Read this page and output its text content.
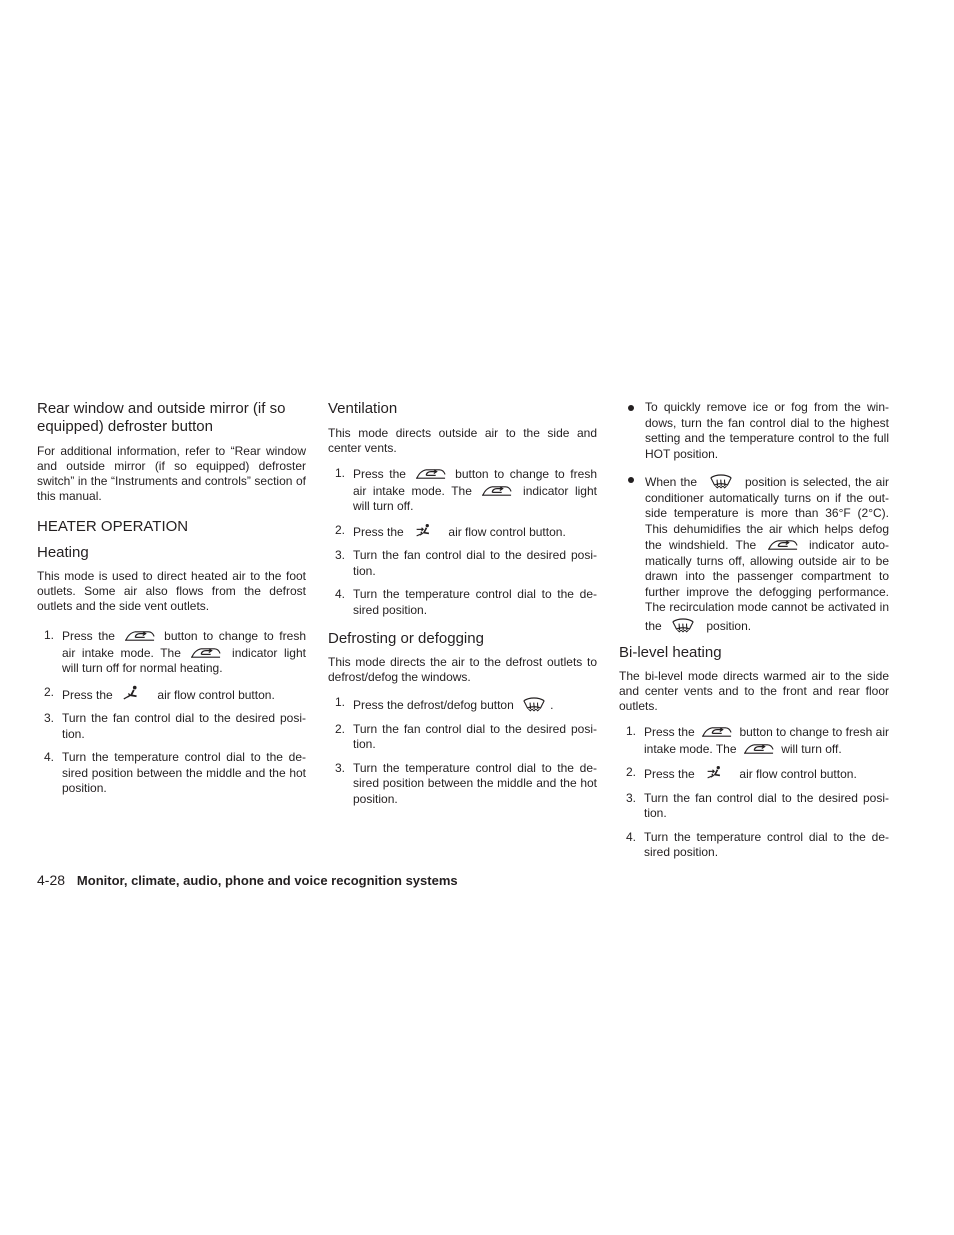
Rear window and outside mirror (if so equipped) defroster button

For additional information, refer to “Rear window and outside mirror (if so equipped) defroster switch” in the “Instruments and controls” section of this manual.

HEATER OPERATION
Heating

This mode is used to direct heated air to the foot outlets. Some air also flows from the defrost outlets and the side vent outlets.

1. Press the	button to change to fresh air intake mode. The	indicator light will turn off for normal heating.
2. Press the	air flow control button.
3. Turn the fan control dial to the desired posi-tion.
4. Turn the temperature control dial to the de-sired position between the middle and the hot position.
Ventilation

This mode directs outside air to the side and center vents.

1. Press the	button to change to fresh air intake mode. The	indicator light will turn off.
2. Press the	air flow control button.
3. Turn the fan control dial to the desired posi-tion.
4. Turn the temperature control dial to the de-sired position.
Defrosting or defogging

This mode directs the air to the defrost outlets to defrost/defog the windows.

1. Press the defrost/defog button	.
2. Turn the fan control dial to the desired posi-tion.
3. Turn the temperature control dial to the de-sired position between the middle and the hot position.
To quickly remove ice or fog from the win-dows, turn the fan control dial to the highest setting and the temperature control to the full HOT position.
When the	position is selected, the air conditioner automatically turns on if the out-side temperature is more than 36°F (2°C). This dehumidifies the air which helps defog the windshield. The	indicator auto-matically turns off, allowing outside air to be drawn into the passenger compartment to further improve the defogging performance. The recirculation mode cannot be activated in the	position.
Bi-level heating

The bi-level mode directs warmed air to the side and center vents and to the front and rear floor outlets.

1. Press the	button to change to fresh air intake mode. The	will turn off.
2. Press the	air flow control button.
3. Turn the fan control dial to the desired posi-tion.
4. Turn the temperature control dial to the de-sired position.
4-28 Monitor, climate, audio, phone and voice recognition systems
